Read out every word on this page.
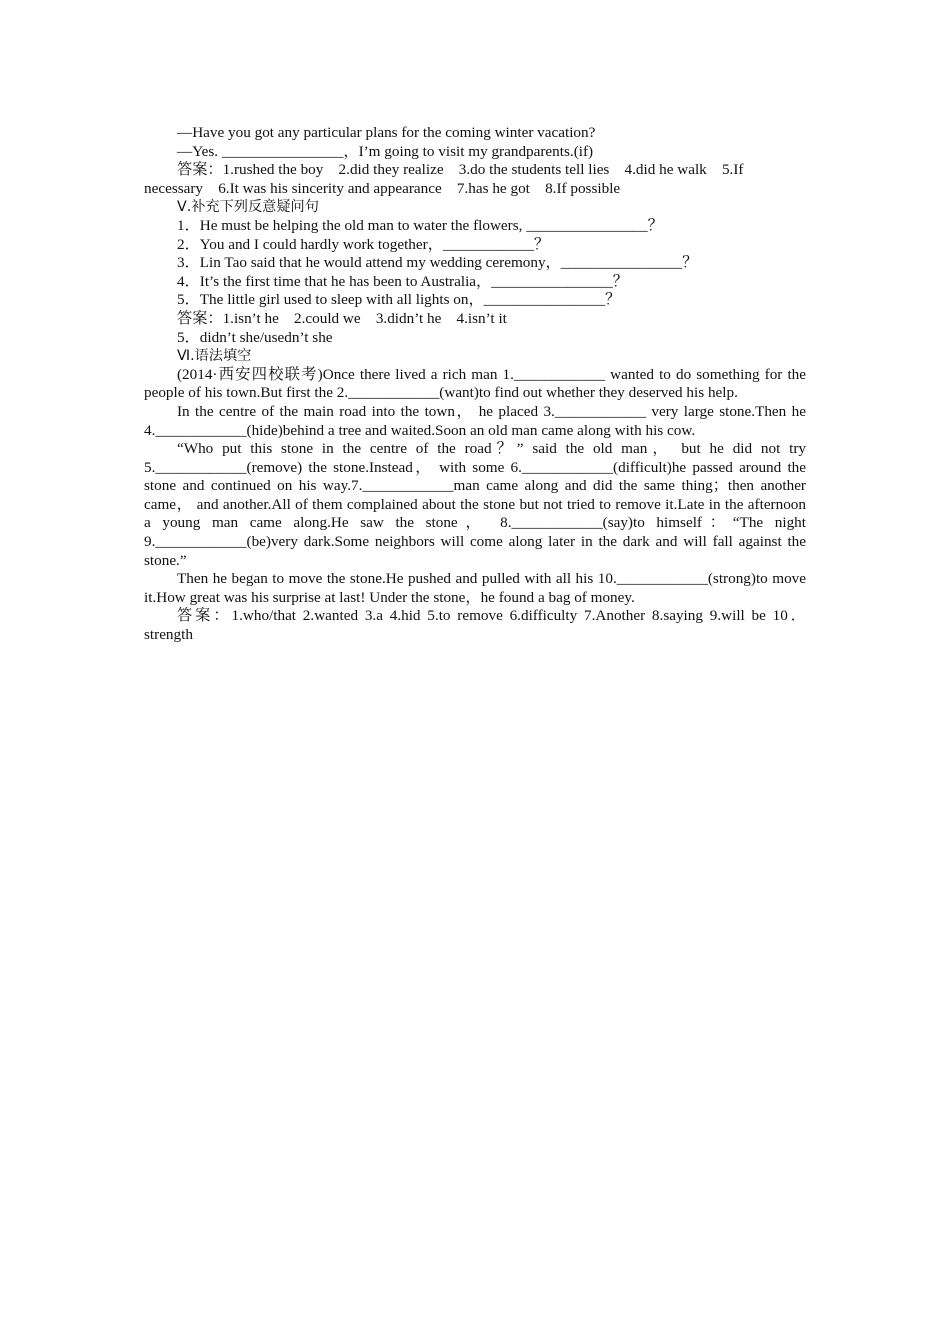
—Have you got any particular plans for the coming winter vacation?
—Yes. ________________，I’m going to visit my grandparents.(if)
答案：1.rushed the boy    2.did they realize    3.do the students tell lies    4.did he walk    5.If
necessary    6.It was his sincerity and appearance    7.has he got    8.If possible
Ⅴ.补充下列反意疑问句
1．He must be helping the old man to water the flowers, ________________？
2．You and I could hardly work together，____________？
3．Lin Tao said that he would attend my wedding ceremony，________________？
4．It’s the first time that he has been to Australia，________________？
5．The little girl used to sleep with all lights on，________________？
答案：1.isn’t he    2.could we    3.didn’t he    4.isn’t it
5．didn’t she/usedn’t she
Ⅵ.语法填空
(2014·西安四校联考)Once there lived a rich man 1.____________ wanted to do something for the people of his town.But first the 2.____________(want)to find out whether they deserved his help.
In the centre of the main road into the town， he placed 3.____________ very large stone.Then he 4.____________(hide)behind a tree and waited.Soon an old man came along with his cow.
“Who put this stone in the centre of the road？” said the old man， but he did not try 5.____________(remove) the stone.Instead， with some 6.____________(difficult)he passed around the stone and continued on his way.7.____________man came along and did the same thing；then another came， and another.All of them complained about the stone but not tried to remove it.Late in the afternoon a young man came along.He saw the stone， 8.____________(say)to himself：“The night 9.____________(be)very dark.Some neighbors will come along later in the dark and will fall against the stone.”
Then he began to move the stone.He pushed and pulled with all his 10.____________(strong)to move it.How great was his surprise at last! Under the stone，he found a bag of money.
答案：1.who/that 2.wanted 3.a 4.hid 5.to remove 6.difficulty 7.Another 8.saying 9.will be 10．strength
